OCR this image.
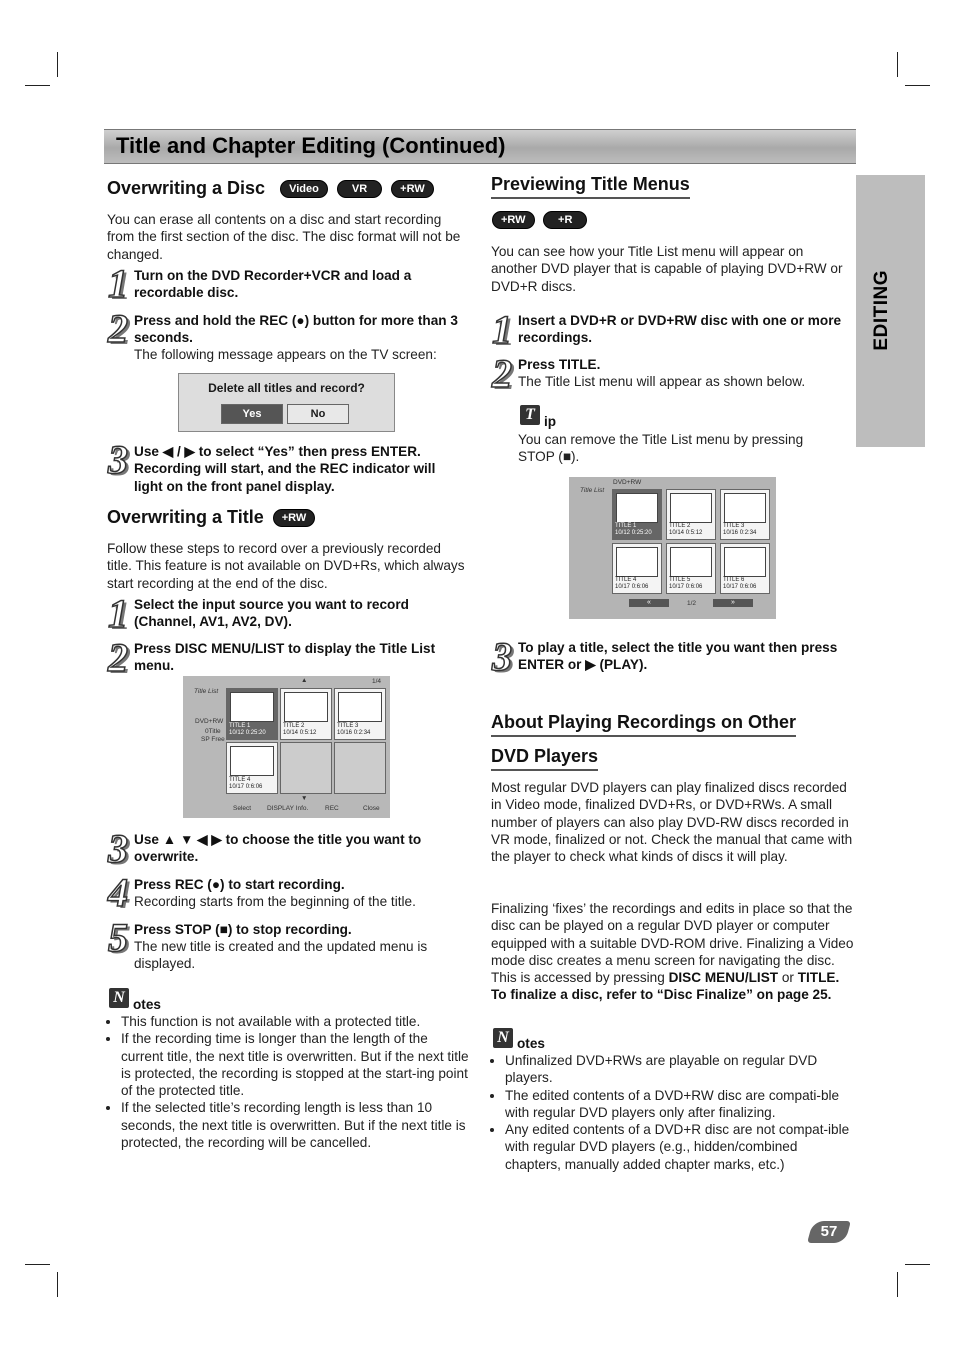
Title and Chapter Editing (Continued)
EDITING
Overwriting a Disc Video	VR	+RW

You can erase all contents on a disc and start recording from the first section of the disc. The disc format will not be changed.

1 Turn on the DVD Recorder+VCR and load a recordable disc.

2 Press and hold the REC (●) button for more than 3 seconds.

The following message appears on the TV screen:

Delete all titles and record?
Yes	No
3 Use ◀ / ▶ to select “Yes” then press ENTER. Recording will start, and the REC indicator will light on the front panel display.

Overwriting a Title +RW

Follow these steps to record over a previously recorded title. This feature is not available on DVD+Rs, which always start recording at the end of the disc.

1 Select the input source you want to record (Channel, AV1, AV2, DV).

2 Press DISC MENU/LIST to display the Title List menu.

Title List
1/4
▲
DVD+RW
0Title
SP Free
TITLE 1
10/12 0:25:20
TITLE 2
10/14 0:5:12
TITLE 3
10/16 0:2:34
TITLE 4
10/17 0:6:06
▼
Select DISPLAY Info.	REC	Close
3 Use ▲ ▼ ◀ ▶ to choose the title you want to overwrite.

4 Press REC (●) to start recording.

Recording starts from the beginning of the title.

5 Press STOP (■) to stop recording.

The new title is created and the updated menu is displayed.

N otes

• This function is not available with a protected title.
• If the recording time is longer than the length of the current title, the next title is overwritten. But if the next title is protected, the recording is stopped at the start-ing point of the protected title.
• If the selected title’s recording length is less than 10 seconds, the next title is overwritten. But if the next title is protected, the recording will be cancelled.
Previewing Title Menus
+RW	+R

You can see how your Title List menu will appear on another DVD player that is capable of playing DVD+RW or DVD+R discs.

1 Insert a DVD+R or DVD+RW disc with one or more recordings.

2 Press TITLE.

The Title List menu will appear as shown below.

T ip

You can remove the Title List menu by pressing STOP (■).

Title List
DVD+RW
TITLE 1
10/12 0:25:20
TITLE 2
10/14 0:5:12
TITLE 3
10/16 0:2:34
TITLE 4
10/17 0:6:06
TITLE 5
10/17 0:6:06
TITLE 6
10/17 0:6:06
«	1/2	»
3 To play a title, select the title you want then press ENTER or ▶ (PLAY).

About Playing Recordings on Other
DVD Players

Most regular DVD players can play finalized discs recorded in Video mode, finalized DVD+Rs, or DVD+RWs. A small number of players can also play DVD-RW discs recorded in VR mode, finalized or not. Check the manual that came with the player to check what kinds of discs it will play.

Finalizing ‘fixes’ the recordings and edits in place so that the disc can be played on a regular DVD player or computer equipped with a suitable DVD-ROM drive. Finalizing a Video mode disc creates a menu screen for navigating the disc. This is accessed by pressing DISC MENU/LIST or TITLE. To finalize a disc, refer to “Disc Finalize” on page 25.

N otes

• Unfinalized DVD+RWs are playable on regular DVD players.
• The edited contents of a DVD+RW disc are compati-ble with regular DVD players only after finalizing.
• Any edited contents of a DVD+R disc are not compat-ible with regular DVD players (e.g., hidden/combined chapters, manually added chapter marks, etc.)
57
